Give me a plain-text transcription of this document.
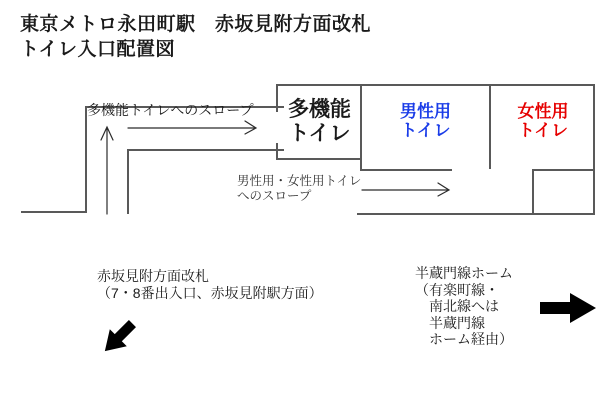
東京メトロ永田町駅　赤坂見附方面改札
トイレ入口配置図
多機能
トイレ
男性用
トイレ
女性用
トイレ
多機能トイレへのスロープ
男性用・女性用トイレ
へのスロープ
赤坂見附方面改札
（7・8番出入口、赤坂見附駅方面）
半蔵門線ホーム
（有楽町線・
　南北線へは
　半蔵門線
　ホーム経由）
